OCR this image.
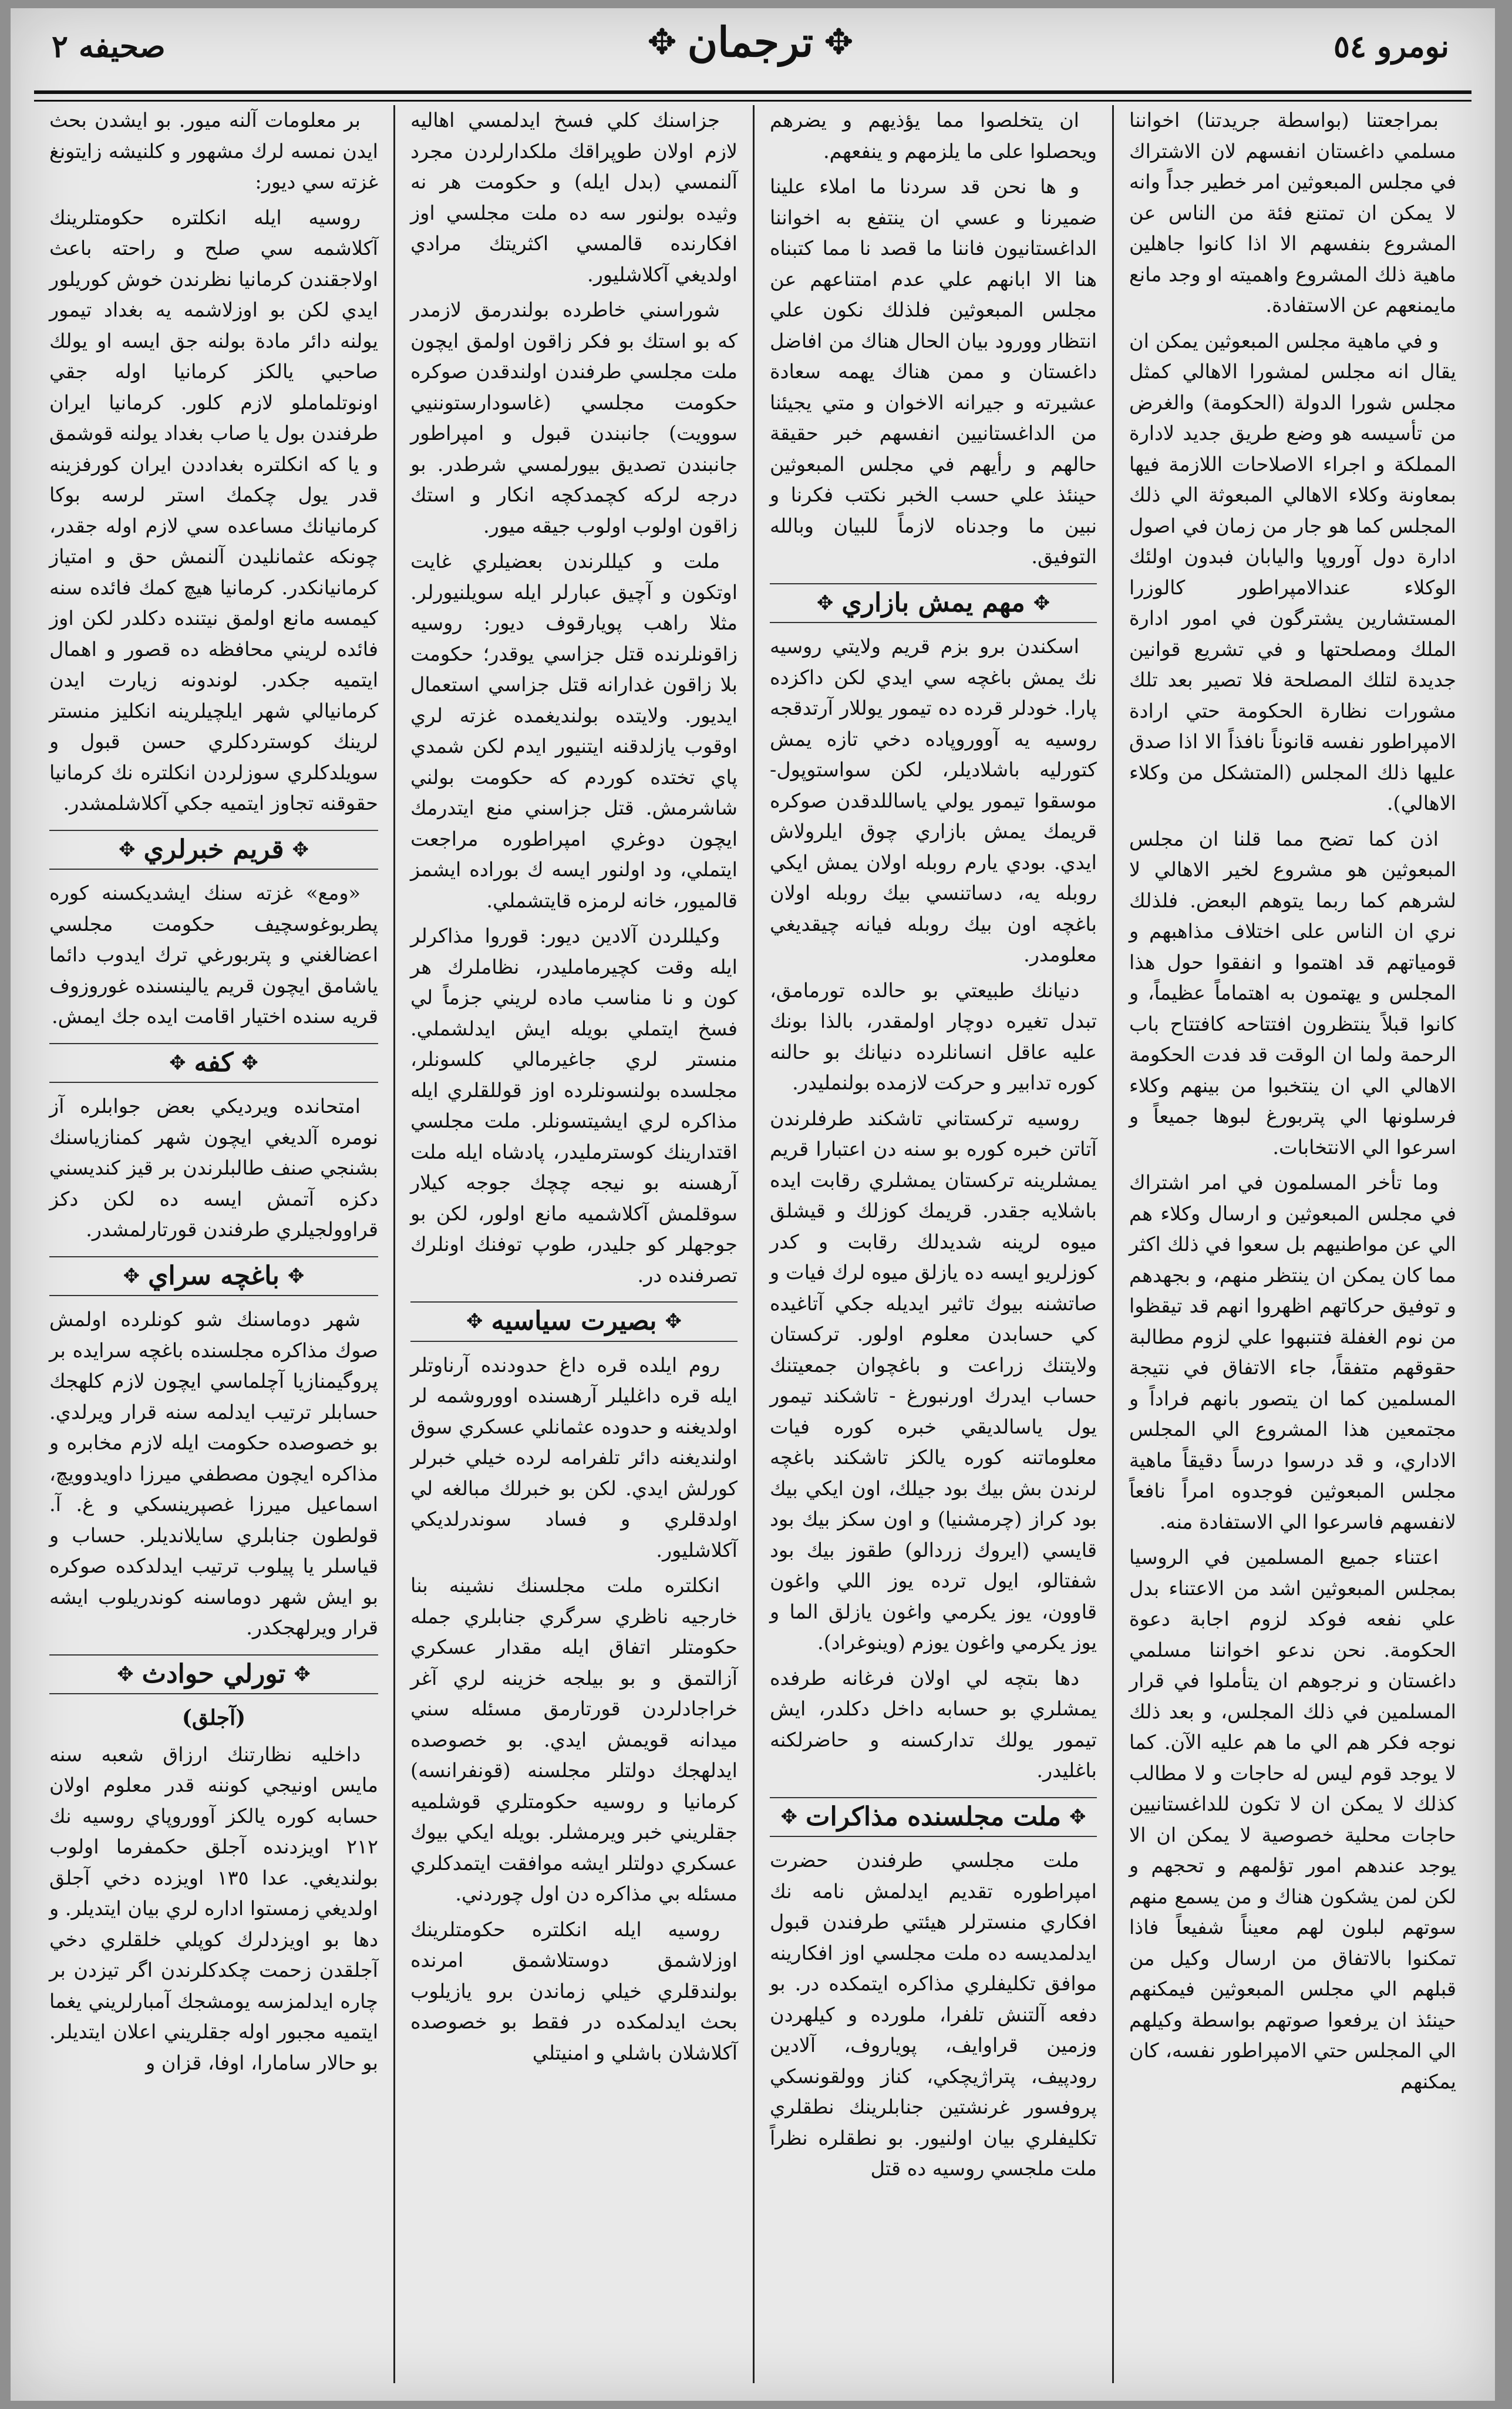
نومرو ٥٤
✥
ترجمان
✥
صحيفه ٢

بمراجعتنا (بواسطة جريدتنا) اخواننا مسلمي داغستان انفسهم لان الاشتراك في مجلس المبعوثين امر خطير جداً وانه لا يمكن ان تمتنع فئة من الناس عن المشروع بنفسهم الا اذا كانوا جاهلين ماهية ذلك المشروع واهميته او وجد مانع مايمنعهم عن الاستفادة.

و في ماهية مجلس المبعوثين يمكن ان يقال انه مجلس لمشورا الاهالي كمثل مجلس شورا الدولة (الحكومة) والغرض من تأسيسه هو وضع طريق جديد لادارة المملكة و اجراء الاصلاحات اللازمة فيها بمعاونة وكلاء الاهالي المبعوثة الي ذلك المجلس كما هو جار من زمان في اصول ادارة دول آوروپا واليابان فبدون اولئك الوكلاء عندالامپراطور كالوزرا المستشارين يشترگون في امور ادارة الملك ومصلحتها و في تشريع قوانين جديدة لتلك المصلحة فلا تصير بعد تلك مشورات نظارة الحكومة حتي ارادة الامپراطور نفسه قانوناً نافذاً الا اذا صدق عليها ذلك المجلس (المتشكل من وكلاء الاهالي).

اذن كما تضح مما قلنا ان مجلس المبعوثين هو مشروع لخير الاهالي لا لشرهم كما ربما يتوهم البعض. فلذلك نري ان الناس على اختلاف مذاهبهم و قومياتهم قد اهتموا و انفقوا حول هذا المجلس و يهتمون به اهتماماً عظيماً، و كانوا قبلاً ينتظرون افتتاحه كافتتاح باب الرحمة ولما ان الوقت قد فدت الحكومة الاهالي الي ان ينتخبوا من بينهم وكلاء فرسلونها الي پتربورغ لبوها جميعاً و اسرعوا الي الانتخابات.

وما تأخر المسلمون في امر اشتراك في مجلس المبعوثين و ارسال وكلاء هم الي عن مواطنيهم بل سعوا في ذلك اكثر مما كان يمكن ان ينتظر منهم، و بجهدهم و توفيق حركاتهم اظهروا انهم قد تيقظوا من نوم الغفلة فتنبهوا علي لزوم مطالبة حقوقهم متفقاً، جاء الاتفاق في نتيجة المسلمين كما ان يتصور بانهم فراداً و مجتمعين هذا المشروع الي المجلس الاداري، و قد درسوا درساً دقيقاً ماهية مجلس المبعوثين فوجدوه امراً نافعاً لانفسهم فاسرعوا الي الاستفادة منه.

اعتناء جميع المسلمين في الروسيا بمجلس المبعوثين اشد من الاعتناء بدل علي نفعه فوكد لزوم اجابة دعوة الحكومة. نحن ندعو اخواننا مسلمي داغستان و نرجوهم ان يتأملوا في قرار المسلمين في ذلك المجلس، و بعد ذلك نوجه فكر هم الي ما هم عليه الآن. كما لا يوجد قوم ليس له حاجات و لا مطالب كذلك لا يمكن ان لا تكون للداغستانيين حاجات محلية خصوصية لا يمكن ان الا يوجد عندهم امور تؤلمهم و تحجهم و لكن لمن يشكون هناك و من يسمع منهم سوتهم لبلون لهم معيناً شفيعاً فاذا تمكنوا بالاتفاق من ارسال وكيل من قبلهم الي مجلس المبعوثين فيمكنهم حينئذ ان يرفعوا صوتهم بواسطة وكيلهم الي المجلس حتي الامپراطور نفسه، كان يمكنهم

ان يتخلصوا مما يؤذيهم و يضرهم ويحصلوا على ما يلزمهم و ينفعهم.

و ها نحن قد سردنا ما املاء علينا ضميرنا و عسي ان ينتفع به اخواننا الداغستانيون فاننا ما قصد نا مما كتبناه هنا الا ابانهم علي عدم امتناعهم عن مجلس المبعوثين فلذلك نكون علي انتظار وورود بيان الحال هناك من افاضل داغستان و ممن هناك يهمه سعادة عشيرته و جيرانه الاخوان و متي يجيئنا من الداغستانيين انفسهم خبر حقيقة حالهم و رأيهم في مجلس المبعوثين حينئذ علي حسب الخبر نكتب فكرنا و نبين ما وجدناه لازماً للبيان وبالله التوفيق.

✥
مهم يمش بازاري
✥

اسكندن برو بزم قريم ولايتي روسيه نك يمش باغچه سي ايدي لكن داكزده پارا. خودلر قرده ده تيمور يوللار آرتدقجه روسيه يه آووروپاده دخي تازه يمش كتورليه باشلاديلر، لكن سواستوپول-موسقوا تيمور يولي ياساللدقدن صوكره قريمك يمش بازاري چوق ايلرولاش ايدي. بودي يارم روبله اولان يمش ايكي روبله يه، دساتنسي بيك روبله اولان باغچه اون بيك روبله فيانه چيقديغي معلومدر.

دنيانك طبيعتي بو حالده تورمامق، تبدل تغيره دوچار اولمقدر، بالذا بونك عليه عاقل انسانلرده دنيانك بو حالنه كوره تدابير و حركت لازمده بولنمليدر.

روسيه تركستاني تاشكند طرفلرندن آتاتن خبره كوره بو سنه دن اعتبارا قريم يمشلرينه تركستان يمشلري رقابت ايده باشلايه جقدر. قريمك كوزلك و قيشلق ميوه لرينه شديدلك رقابت و كدر كوزلريو ايسه ده يازلق ميوه لرك فيات و صاتشنه بيوك تاثير ايديله جكي آتاغيده كي حسابدن معلوم اولور. تركستان ولايتنك زراعت و باغچوان جمعيتنك حساب ايدرك اورنبورغ - تاشكند تيمور يول ياسالديقي خبره كوره فيات معلوماتنه كوره يالكز تاشكند باغچه لرندن بش بيك بود جيلك، اون ايكي بيك بود كراز (چرمشنيا) و اون سكز بيك بود قايسي (ايروك زردالو) طقوز بيك بود شفتالو، ايول ترده يوز اللي واغون قاوون، يوز يكرمي واغون يازلق الما و يوز يكرمي واغون يوزم (وينوغراد).

دها بتچه لي اولان فرغانه طرفده يمشلري بو حسابه داخل دكلدر، ايش تيمور يولك تداركسنه و حاضرلكنه باغليدر.

✥
ملت مجلسنده مذاكرات
✥

ملت مجلسي طرفندن حضرت امپراطوره تقديم ايدلمش نامه نك افكاري منسترلر هيئتي طرفندن قبول ايدلمديسه ده ملت مجلسي اوز افكارينه موافق تكليفلري مذاكره ايتمكده در. بو دفعه آلتنش تلفرا، ملورده و كيلهردن وزمين قراوايف، پوياروف، آلادين رودپيف، پتراژيچكي، كناز وولقونسكي پروفسور غرنشتين جنابلرينك نطقلري تكليفلري بيان اولنيور. بو نطقلره نظراً ملت ملجسي روسيه ده قتل

جزاسنك كلي فسخ ايدلمسي اهاليه لازم اولان طوپراقك ملكدارلردن مجرد آلنمسي (بدل ايله) و حكومت هر نه وثيده بولنور سه ده ملت مجلسي اوز افكارنده قالمسي اكثريتك مرادي اولديغي آكلاشليور.

شوراسني خاطرده بولندرمق لازمدر كه بو استك بو فكر زاقون اولمق ايچون ملت مجلسي طرفندن اولندقدن صوكره حكومت مجلسي (غاسودارستوننيي سوويت) جانبندن قبول و امپراطور جانبندن تصديق بيورلمسي شرطدر. بو درجه لركه كچمدكچه انكار و استك زاقون اولوب اولوب جيقه ميور.

ملت و كيللرندن بعضيلري غايت اوتكون و آچيق عبارلر ايله سويلنيورلر. مثلا راهب پويارقوف ديور: روسيه زاقونلرنده قتل جزاسي يوقدر؛ حكومت بلا زاقون غدارانه قتل جزاسي استعمال ايديور. ولايتده بولنديغمده غزته لري اوقوب يازلدقنه ايتنيور ايدم لكن شمدي پاي تختده كوردم كه حكومت بولني شاشرمش. قتل جزاسني منع ايتدرمك ايچون دوغري امپراطوره مراجعت ايتملي، ود اولنور ايسه ك بوراده ايشمز قالميور، خانه لرمزه قايتشملي.

وكيللردن آلادين ديور: قوروا مذاكرلر ايله وقت كچيرمامليدر، نظاملرك هر كون و نا مناسب ماده لريني جزماً لي فسخ ايتملي بويله ايش ايدلشملي. منستر لري جاغيرمالي كلسونلر، مجلسده بولنسونلرده اوز قوللقلري ايله مذاكره لري ايشيتسونلر. ملت مجلسي اقتدارينك كوسترمليدر، پادشاه ايله ملت آرهسنه بو نيجه چچك جوجه كيلار سوقلمش آكلاشميه مانع اولور، لكن بو جوجهلر كو جليدر، طوپ توفنك اونلرك تصرفنده در.

✥
بصيرت سياسيه
✥

روم ايلده قره داغ حدودنده آرناوتلر ايله قره داغليلر آرهسنده اووروشمه لر اولديغنه و حدوده عثمانلي عسكري سوق اولنديغنه دائر تلفرامه لرده خيلي خبرلر كورلش ايدي. لكن بو خبرلك مبالغه لي اولدقلري و فساد سوندرلديكي آكلاشليور.

انكلتره ملت مجلسنك نشينه بنا خارجيه ناظري سرگري جنابلري جمله حكومتلر اتفاق ايله مقدار عسكري آزالتمق و بو بيلجه خزينه لري آغر خراجادلردن قورتارمق مسئله سني ميدانه قويمش ايدي. بو خصوصده ايدلهجك دولتلر مجلسنه (قونفرانسه) كرمانيا و روسيه حكومتلري قوشلميه جقلريني خبر ويرمشلر. بويله ايكي بيوك عسكري دولتلر ايشه موافقت ايتمدكلري مسئله بي مذاكره دن اول چوردني.

روسيه ايله انكلتره حكومتلرينك اوزلاشمق دوستلاشمق امرنده بولندقلري خيلي زماندن برو يازيلوب بحث ايدلمكده در فقط بو خصوصده آكلاشلان باشلي و امنيتلي

بر معلومات آلنه ميور. بو ايشدن بحث ايدن نمسه لرك مشهور و كلنيشه زايتونغ غزته سي ديور:

روسيه ايله انكلتره حكومتلرينك آكلاشمه سي صلح و راحته باعث اولاجقندن كرمانيا نظرندن خوش كوريلور ايدي لكن بو اوزلاشمه يه بغداد تيمور يولنه دائر مادة بولنه جق ايسه او يولك صاحبي يالكز كرمانيا اوله جقي اونوتلماملو لازم كلور. كرمانيا ايران طرفندن بول يا صاب بغداد يولنه قوشمق و يا كه انكلتره بغداددن ايران كورفزينه قدر يول چكمك استر لرسه بوكا كرمانيانك مساعده سي لازم اوله جقدر، چونكه عثمانليدن آلنمش حق و امتياز كرمانيانكدر. كرمانيا هيچ كمك فائده سنه كيمسه مانع اولمق نيتنده دكلدر لكن اوز فائده لريني محافظه ده قصور و اهمال ايتميه جكدر. لوندونه زيارت ايدن كرمانيالي شهر ايلچيلرينه انكليز منستر لرينك كوستردكلري حسن قبول و سويلدكلري سوزلردن انكلتره نك كرمانيا حقوقنه تجاوز ايتميه جكي آكلاشلمشدر.

✥
قريم خبرلري
✥

«ومع» غزته سنك ايشديكسنه كوره پطربوغوسچيف حكومت مجلسي اعضالغني و پتربورغي ترك ايدوب دائما ياشامق ايچون قريم يالينسنده غوروزوف قريه سنده اختيار اقامت ايده جك ايمش.

✥
كفه
✥

امتحانده ويرديكي بعض جوابلره آز نومره آلديغي ايچون شهر كمنازياسنك بشنجي صنف طالبلرندن بر قيز كنديسني دكزه آتمش ايسه ده لكن دكز قراوولجيلري طرفندن قورتارلمشدر.

✥
باغچه سراي
✥

شهر دوماسنك شو كونلرده اولمش صوك مذاكره مجلسنده باغچه سرايده بر پروگيمنازيا آچلماسي ايچون لازم كلهجك حسابلر ترتيب ايدلمه سنه قرار ويرلدي. بو خصوصده حكومت ايله لازم مخابره و مذاكره ايچون مصطفي ميرزا داويدوويچ، اسماعيل ميرزا غصپرينسكي و غ. آ. قولطون جنابلري سايلانديلر. حساب و قياسلر يا پيلوب ترتيب ايدلدكده صوكره بو ايش شهر دوماسنه كوندريلوب ايشه قرار ويرلهجكدر.

✥
تورلي حوادث
✥
(آجلق)

داخليه نظارتنك ارزاق شعبه سنه مايس اونيجي كوننه قدر معلوم اولان حسابه كوره يالكز آووروپاي روسيه نك ٢١٢ اويزدنده آجلق حكمفرما اولوب بولنديغي. عدا ١٣٥ اويزده دخي آجلق اولديغي زمستوا اداره لري بيان ايتديلر. و دها بو اويزدلرك كوپلي خلقلري دخي آجلقدن زحمت چكدكلرندن اگر تيزدن بر چاره ايدلمزسه يومشجك آمبارلريني يغما ايتميه مجبور اوله جقلريني اعلان ايتديلر. بو حالار سامارا، اوفا، قزان و
